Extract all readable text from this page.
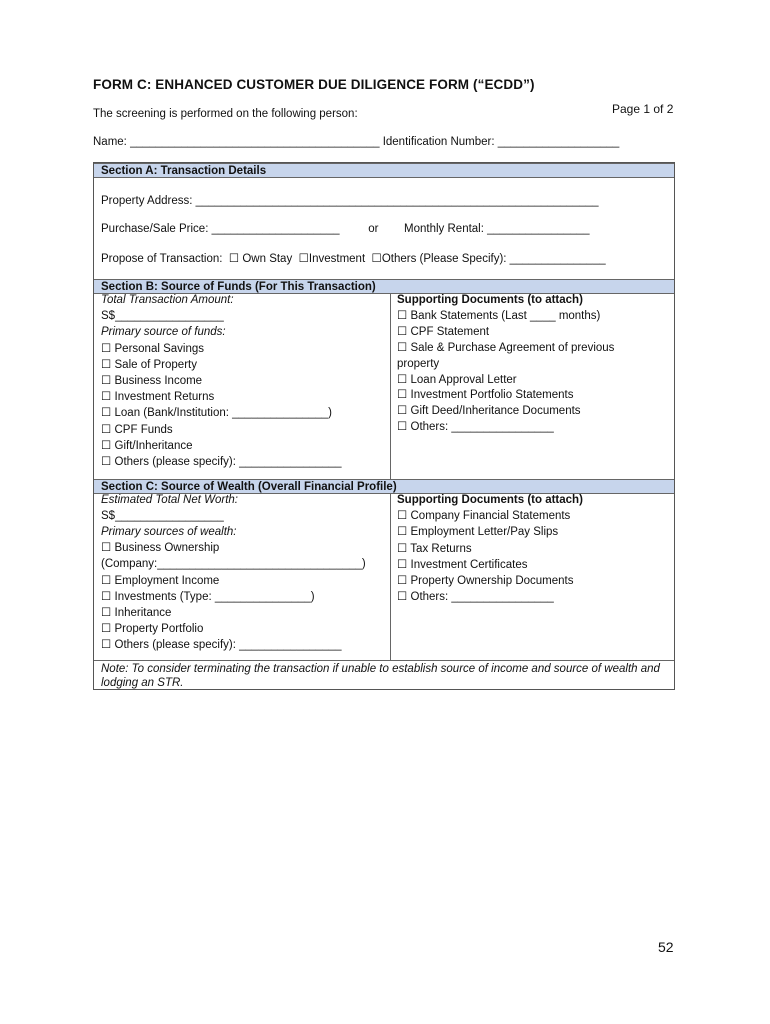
FORM C: ENHANCED CUSTOMER DUE DILIGENCE FORM (“ECDD”)
Page 1 of 2
The screening is performed on the following person:
Name: _______________________________________ Identification Number: ___________________
Section A: Transaction Details
Property Address: _______________________________________________________________
Purchase/Sale Price: ____________________         or        Monthly Rental: ________________
Propose of Transaction:  ☐ Own Stay  ☐Investment  ☐Others (Please Specify): _______________
Section B: Source of Funds (For This Transaction)
Total Transaction Amount:
S$_________________
Primary source of funds:
☐ Personal Savings
☐ Sale of Property
☐ Business Income
☐ Investment Returns
☐ Loan (Bank/Institution: _______________)
☐ CPF Funds
☐ Gift/Inheritance
☐ Others (please specify): ________________
Supporting Documents (to attach)
☐ Bank Statements (Last ____ months)
☐ CPF Statement
☐ Sale & Purchase Agreement of previous
property
☐ Loan Approval Letter
☐ Investment Portfolio Statements
☐ Gift Deed/Inheritance Documents
☐ Others: ________________
Section C: Source of Wealth (Overall Financial Profile)
Estimated Total Net Worth:
S$_________________
Primary sources of wealth:
☐ Business Ownership
(Company:________________________________)
☐ Employment Income
☐ Investments (Type: _______________)
☐ Inheritance
☐ Property Portfolio
☐ Others (please specify): ________________
Supporting Documents (to attach)
☐ Company Financial Statements
☐ Employment Letter/Pay Slips
☐ Tax Returns
☐ Investment Certificates
☐ Property Ownership Documents
☐ Others: ________________
Note: To consider terminating the transaction if unable to establish source of income and source of wealth and lodging an STR.
52
